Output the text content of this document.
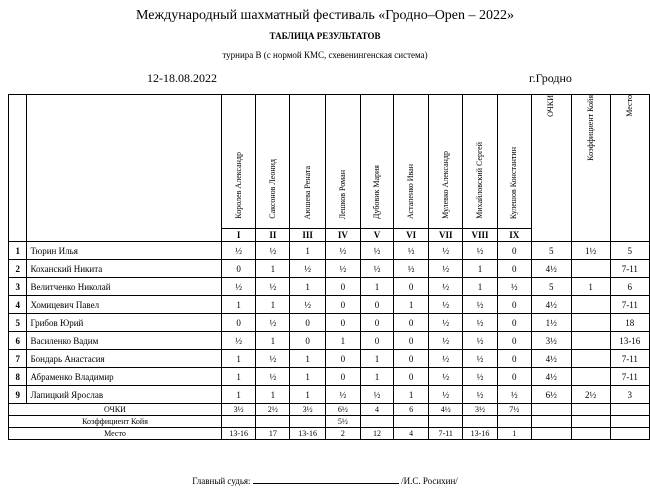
Международный шахматный фестиваль «Гродно–Open – 2022»
ТАБЛИЦА РЕЗУЛЬТАТОВ
турнира В (с нормой КМС, схевенингенская система)
12-18.08.2022	г.Гродно
		Королев Александр	Саксонов Леонид	Аюшева Рената	Лешков Роман	Дубовик Мария	Астапенко Иван	Мулевко Александр	Михайловский Сергей	Кулешов Константин	ОЧКИ	Коэффициент Койя	Место
		I	II	III	IV	V	VI	VII	VIII	IX			
1	Тюрин Илья	½	½	1	½	½	½	½	½	0	5	1½	5
2	Коханский Никита	0	1	½	½	½	½	½	1	0	4½		7-11
3	Велитченко Николай	½	½	1	0	1	0	½	1	½	5	1	6
4	Хомицевич Павел	1	1	½	0	0	1	½	½	0	4½		7-11
5	Грибов Юрий	0	½	0	0	0	0	½	½	0	1½		18
6	Василенко Вадим	½	1	0	1	0	0	½	½	0	3½		13-16
7	Бондарь Анастасия	1	½	1	0	1	0	½	½	0	4½		7-11
8	Абраменко Владимир	1	½	1	0	1	0	½	½	0	4½		7-11
9	Лапицкий Ярослав	1	1	1	½	½	1	½	½	½	6½	2½	3
ОЧКИ		3½	2½	3½	6½	4	6	4½	3½	7½			
Коэффициент Койя					5½								
Место		13-16	17	13-16	2	12	4	7-11	13-16	1			
Главный судья:	/И.С. Росихин/
